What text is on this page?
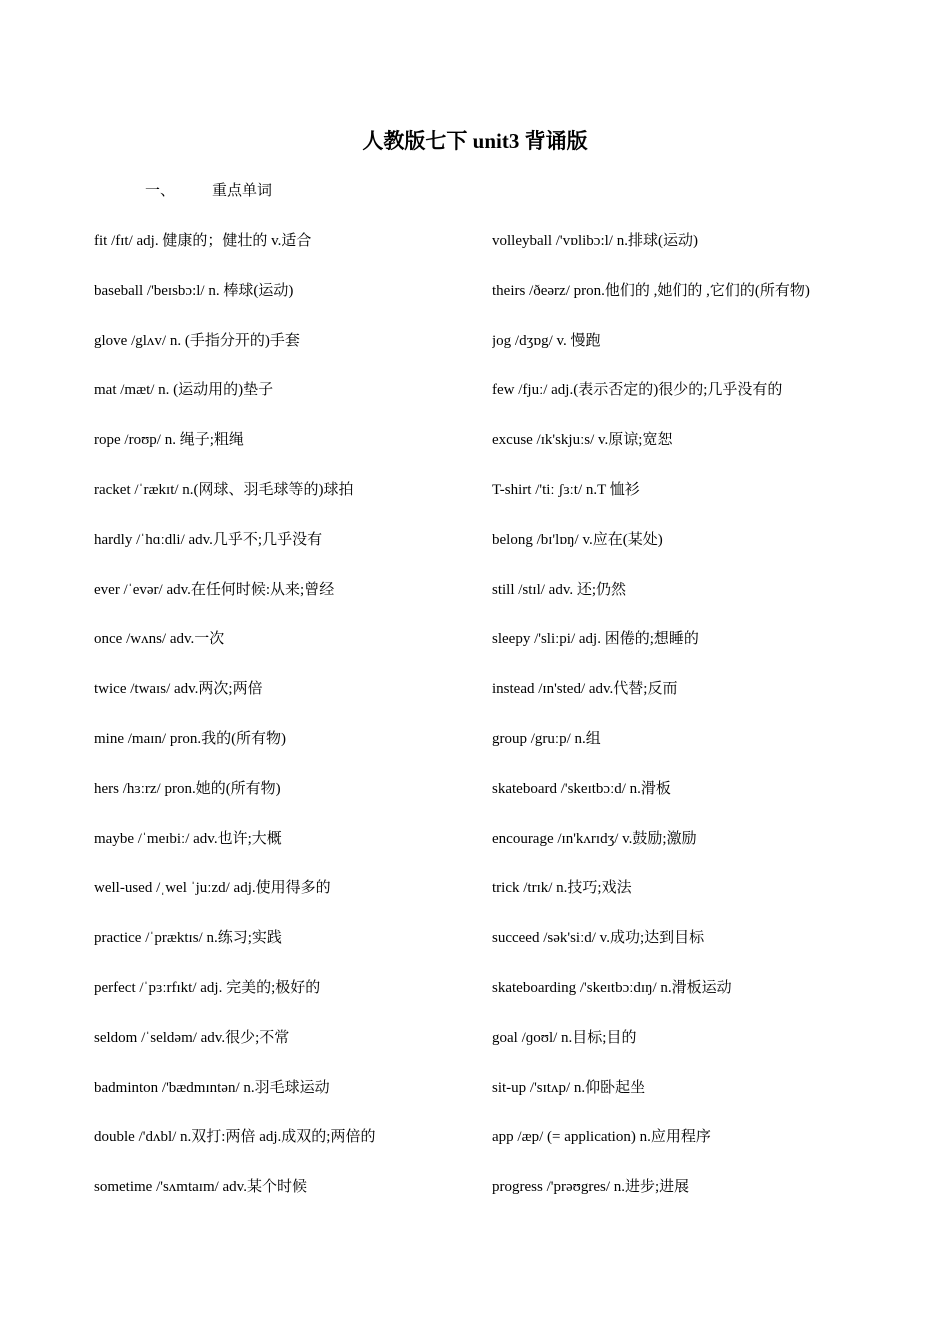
人教版七下 unit3 背诵版
一、 重点单词
fit /fɪt/ adj. 健康的；健壮的 v.适合
baseball /'beɪsbɔ:l/ n. 棒球(运动)
glove /glʌv/ n. (手指分开的)手套
mat /mæt/ n. (运动用的)垫子
rope /roʊp/ n. 绳子;粗绳
racket /ˈrækɪt/ n.(网球、羽毛球等的)球拍
hardly /ˈhɑːdli/ adv.几乎不;几乎没有
ever /ˈevər/ adv.在任何时候:从来;曾经
once /wʌns/ adv.一次
twice /twaɪs/ adv.两次;两倍
mine /maɪn/ pron.我的(所有物)
hers /hɜːrz/ pron.她的(所有物)
maybe /ˈmeɪbiː/ adv.也许;大概
well-used /ˌwel ˈjuːzd/ adj.使用得多的
practice /ˈpræktɪs/ n.练习;实践
perfect /ˈpɜːrfɪkt/ adj. 完美的;极好的
seldom /ˈseldəm/ adv.很少;不常
badminton /'bædmɪntən/ n.羽毛球运动
double /'dʌbl/ n.双打:两倍 adj.成双的;两倍的
sometime /'sʌmtaɪm/ adv.某个时候
volleyball /'vɒlibɔ:l/ n.排球(运动)
theirs /ðeərz/ pron.他们的 ,她们的 ,它们的(所有物)
jog /dʒɒg/ v. 慢跑
few /fjuː/ adj.(表示否定的)很少的;几乎没有的
excuse /ɪk'skjuːs/ v.原谅;宽恕
T-shirt /'tiː ʃɜːt/ n.T 恤衫
belong /bɪ'lɒŋ/ v.应在(某处)
still /stɪl/ adv. 还;仍然
sleepy /'sliːpi/ adj. 困倦的;想睡的
instead /ɪn'sted/ adv.代替;反而
group /gruːp/ n.组
skateboard /'skeɪtbɔːd/ n.滑板
encourage /ɪn'kʌrɪdʒ/ v.鼓励;激励
trick /trɪk/ n.技巧;戏法
succeed /sək'siːd/ v.成功;达到目标
skateboarding /'skeɪtbɔːdɪŋ/ n.滑板运动
goal /ɡoʊl/ n.目标;目的
sit-up /'sɪtʌp/ n.仰卧起坐
app /æp/ (= application) n.应用程序
progress /'prəʊgres/ n.进步;进展
